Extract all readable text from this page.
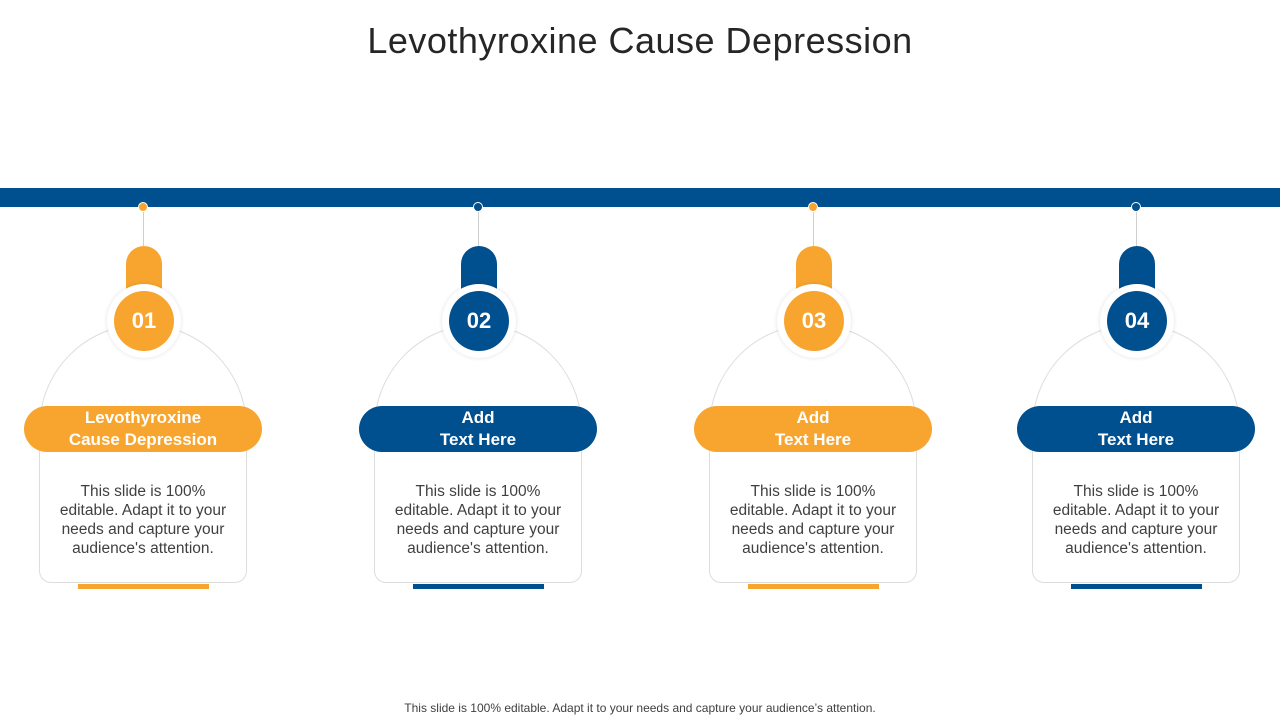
Levothyroxine Cause Depression
01
Levothyroxine
Cause Depression
This slide is 100% editable. Adapt it to your needs and capture your audience's attention.
02
Add
Text Here
This slide is 100% editable. Adapt it to your needs and capture your audience's attention.
03
Add
Text Here
This slide is 100% editable. Adapt it to your needs and capture your audience's attention.
04
Add
Text Here
This slide is 100% editable. Adapt it to your needs and capture your audience's attention.
This slide is 100% editable. Adapt it to your needs and capture your audience’s attention.
